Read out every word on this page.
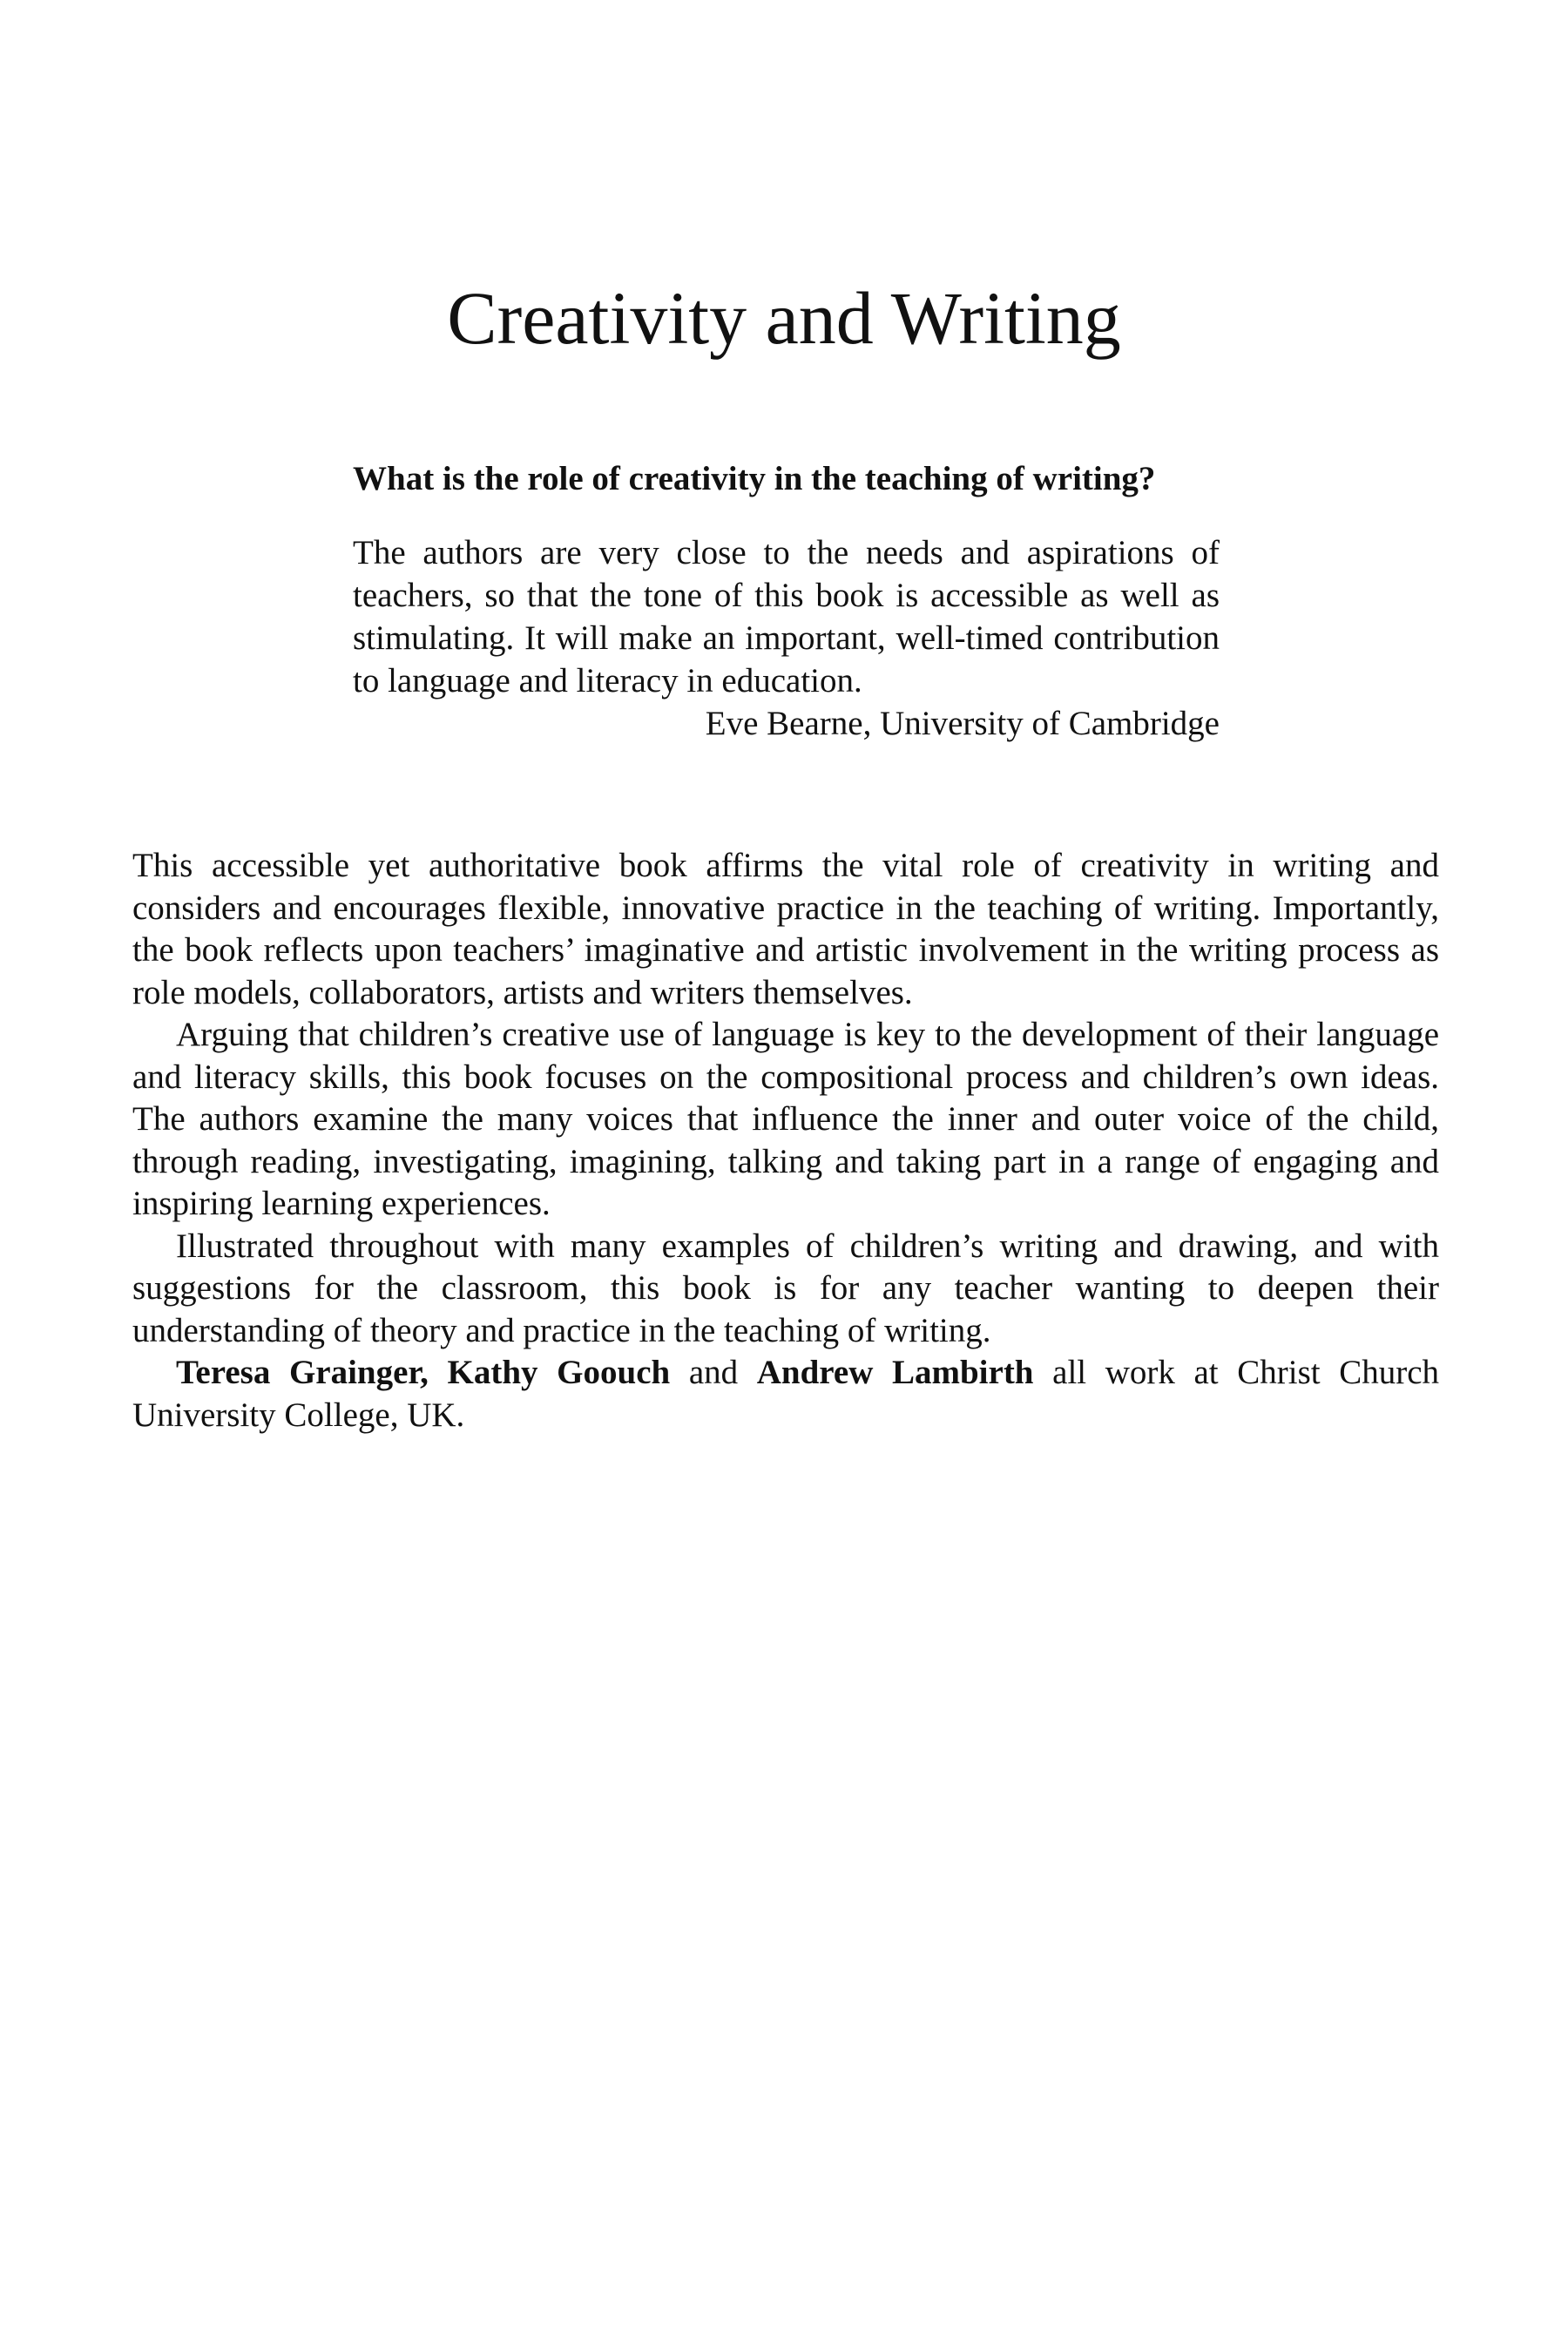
Creativity and Writing

What is the role of creativity in the teaching of writing?

The authors are very close to the needs and aspirations of teachers, so that the tone of this book is accessible as well as stimulating. It will make an important, well-timed contribution to language and literacy in education.

Eve Bearne, University of Cambridge

This accessible yet authoritative book affirms the vital role of creativity in writing and considers and encourages flexible, innovative practice in the teaching of writing. Importantly, the book reflects upon teachers’ imaginative and artistic involvement in the writing process as role models, collaborators, artists and writers themselves.

Arguing that children’s creative use of language is key to the development of their language and literacy skills, this book focuses on the compositional process and children’s own ideas. The authors examine the many voices that influence the inner and outer voice of the child, through reading, investigating, imagining, talking and taking part in a range of engaging and inspiring learning experiences.

Illustrated throughout with many examples of children’s writing and drawing, and with suggestions for the classroom, this book is for any teacher wanting to deepen their understanding of theory and practice in the teaching of writing.

Teresa Grainger, Kathy Goouch and Andrew Lambirth all work at Christ Church University College, UK.
